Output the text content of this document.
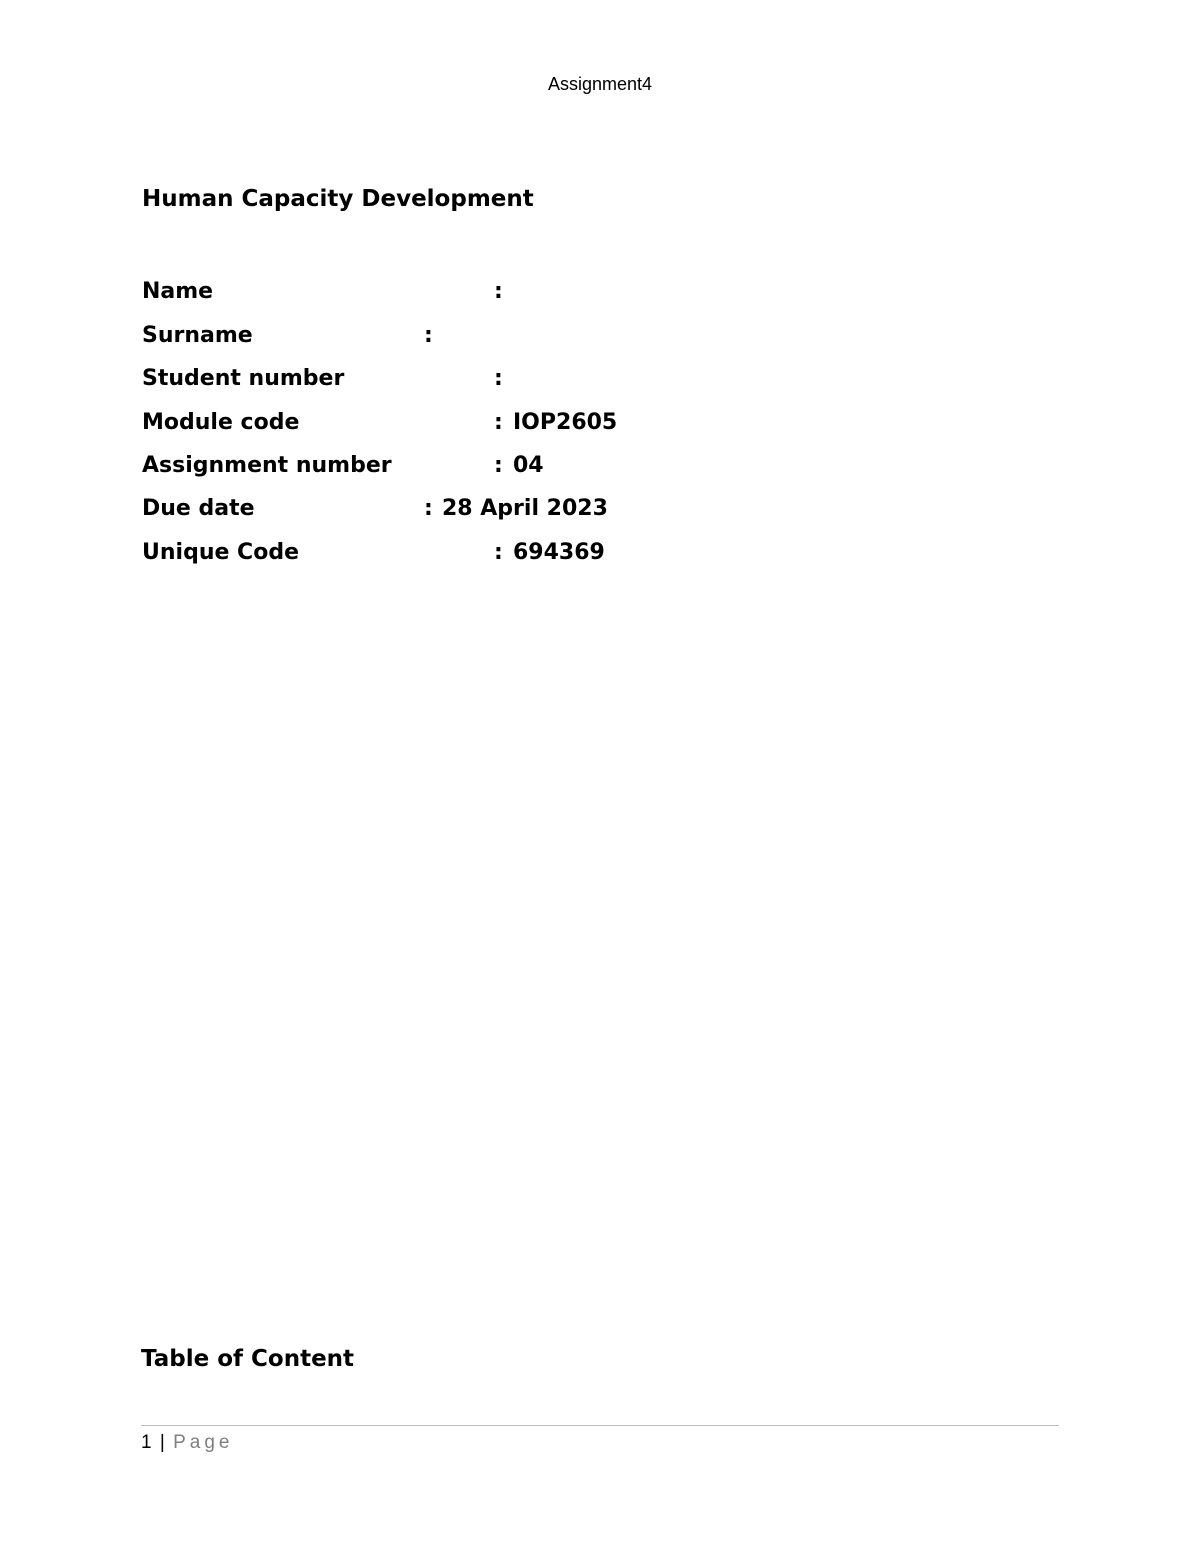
Assignment4
Human Capacity Development
Name	:
Surname	:
Student number	:
Module code	: IOP2605
Assignment number	: 04
Due date	: 28 April 2023
Unique Code	: 694369
Table of Content
1 | Page
